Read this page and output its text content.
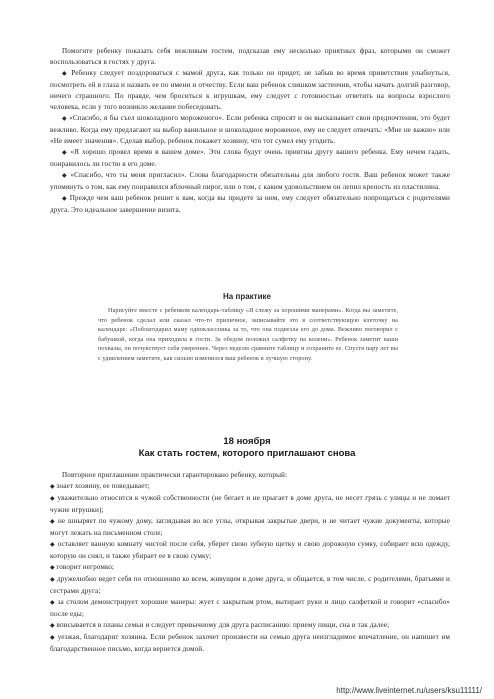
Помогите ребенку показать себя вежливым гостем, подсказав ему несколько приятных фраз, которыми он сможет воспользоваться в гостях у друга.

◆ Ребенку следует поздороваться с мамой друга, как только он придет, не забыв во время приветствия улыбнуться, посмотреть ей в глаза и назвать ее по имени и отчеству. Если ваш ребенок слишком застенчив, чтобы начать долгий разговор, ничего страшного. По правде, чем броситься к игрушкам, ему следует с готовностью ответить на вопросы взрослого человека, если у того возникло желание побеседовать.

◆ «Спасибо, я бы съел шоколадного мороженого». Если ребенка спросят и он высказывает свои предпочтения, это будет вежливо. Когда ему предлагают на выбор ванильное и шоколадное мороженое, ему не следует отвечать: «Мне не важно» или «Не имеет значения». Сделав выбор, ребенок покажет хозяину, что тот сумел ему угодить.

◆ «Я хорошо провел время в вашем доме». Эти слова будут очень приятны другу вашего ребенка. Ему нечем гадать, понравилось ли гостю в его доме.

◆ «Спасибо, что ты меня пригласил». Слова благодарности обязательны для любого гостя. Ваш ребенок может также упомянуть о том, как ему понравился яблочный пирог, или о том, с каким удовольствием он лепил крепость из пластилина.

◆ Прежде чем ваш ребенок решит к вам, когда вы придете за ним, ему следует обязательно попрощаться с родителями друга. Это идеальное завершение визита.

На практике

Нарисуйте вместе с ребенком календарь-таблицу «Я слежу за хорошими манерами». Когда вы заметите, что ребенок сделал или сказал что-то приличное, записывайте это в соответствующую клеточку на календаре: «Поблагодарил маму одноклассника за то, что она подвезла его до дома. Вежливо поговорил с бабушкой, когда она приходила в гости. За обедом положил салфетку на колени». Ребенок заметит ваши похвалы, он почувствует себя увереннее. Через неделю сравните таблицу и сохраните ее. Спустя пару лет вы с удивлением заметите, как сильно изменился ваш ребенок в лучшую сторону.

18 ноября
Как стать гостем, которого приглашают снова

Повторное приглашение практически гарантировано ребенку, который:

◆ знает хозяину, ее поведывает;

◆ уважительно относится к чужой собственности (не бегает и не прыгает в доме друга, не несет грязь с улицы и не ломает чужие игрушки);

◆ не шныряет по чужому дому, заглядывая во все углы, открывая закрытые двери, и не читает чужие документы, которые могут лежать на письменном столе;

◆ оставляет ванную комнату чистой после себя, уберет свою зубную щетку и свою дорожную сумку, собирает всю одежду, которую он снял, и также убирает ее в свою сумку;

◆ говорит негромко;

◆ дружелюбно ведет себя по отношению ко всем, живущим в доме друга, и общается, в том числе, с родителями, братьями и сестрами друга;

◆ за столом демонстрирует хорошие манеры: жует с закрытым ртом, вытирает руки и лицо салфеткой и говорит «спасибо» после еды;

◆ вписывается в планы семьи и следует привычному для друга расписанию: приему пищи, сна и так далее;

◆ уезжая, благодарит хозяина. Если ребенок захочет произвести на семью друга неизгладимое впечатление, он напишет им благодарственное письмо, когда вернется домой.

http://www.liveinternet.ru/users/ksu11111/
